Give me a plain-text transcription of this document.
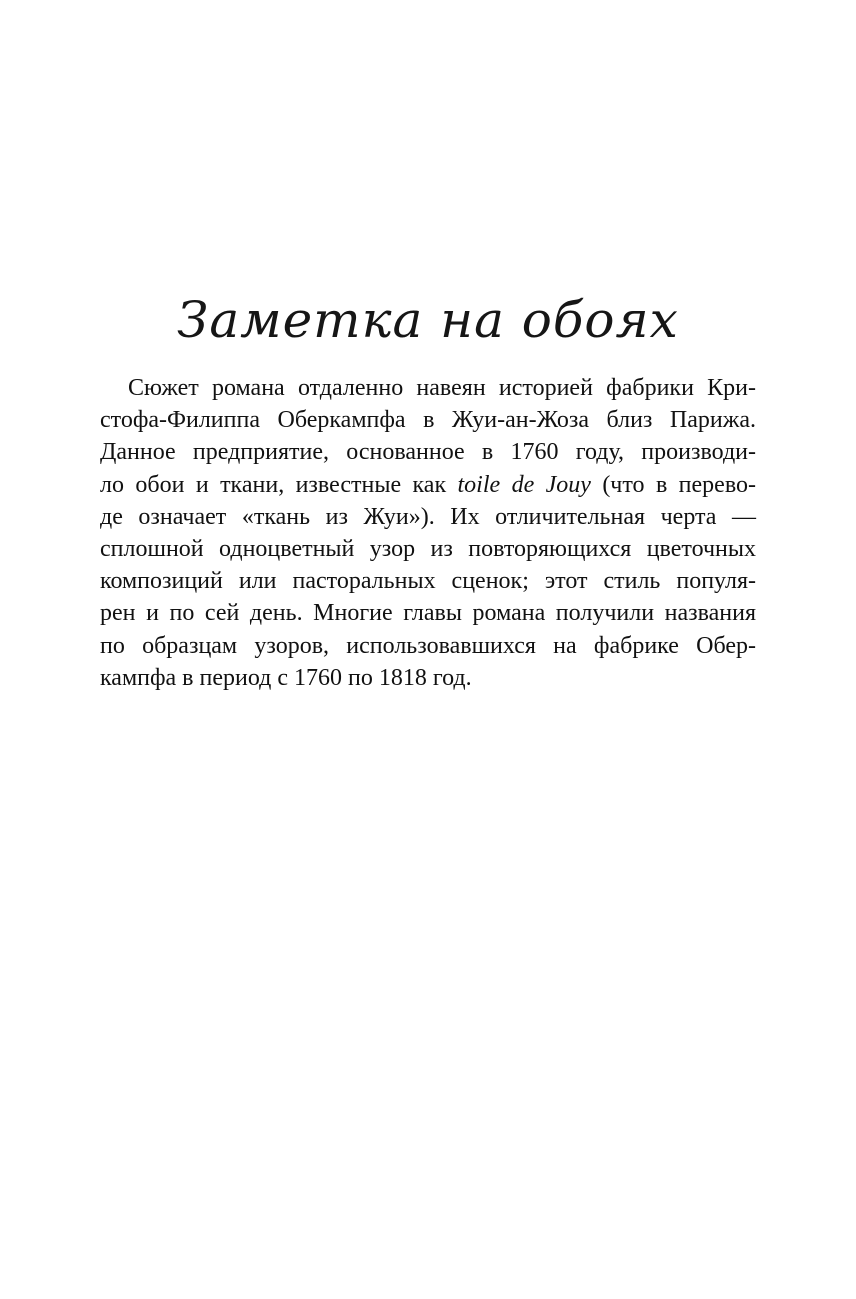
Заметка на обоях
Сюжет романа отдаленно навеян историей фабрики Кри-
стофа-Филиппа Оберкампфа в Жуи-ан-Жоза близ Парижа.
Данное предприятие, основанное в 1760 году, производи-
ло обои и ткани, известные как toile de Jouy (что в перево-
де означает «ткань из Жуи»). Их отличительная черта —
сплошной одноцветный узор из повторяющихся цветочных
композиций или пасторальных сценок; этот стиль популя-
рен и по сей день. Многие главы романа получили названия
по образцам узоров, использовавшихся на фабрике Обер-
кампфа в период с 1760 по 1818 год.
